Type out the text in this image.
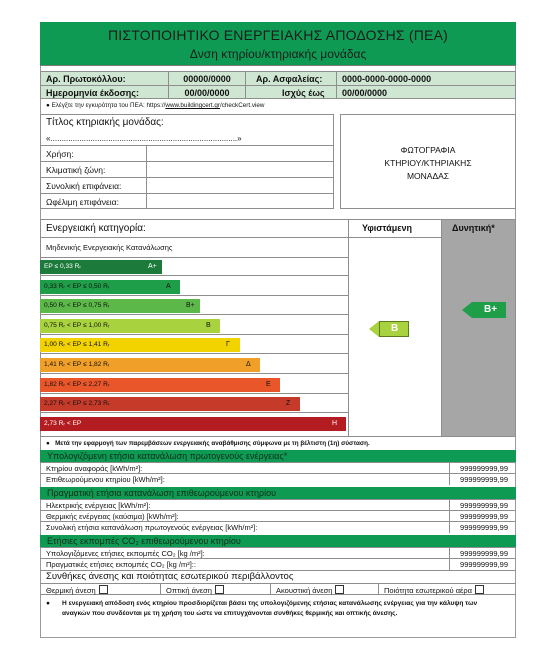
ΠΙΣΤΟΠΟΙΗΤΙΚΟ ΕΝΕΡΓΕΙΑΚΗΣ ΑΠΟΔΟΣΗΣ (ΠΕΑ)
Δνση κτηρίου/κτηριακής μονάδας
Αρ. Πρωτοκόλλου:	00000/0000	Αρ. Ασφαλείας: 0000-0000-0000-0000
Ημερομηνία έκδοσης:	00/00/0000	Ισχύς έως 00/00/0000
● Ελέγξτε την εγκυρότητα του ΠΕΑ: https://www.buildingcert.gr/checkCert.view
Τίτλος κτηριακής μονάδας:
«....................................................................................»
Χρήση:
Κλιματική ζώνη:
Συνολική επιφάνεια:
Ωφέλιμη επιφάνεια:
ΦΩΤΟΓΡΑΦΙΑ
ΚΤΗΡΙΟΥ/ΚΤΗΡΙΑΚΗΣ
ΜΟΝΑΔΑΣ
Ενεργειακή κατηγορία:	Υφιστάμενη	Δυνητική*
Μηδενικής Ενεργειακής Κατανάλωσης
EP ≤ 0,33 Rᵣ	A+
0,33 Rᵣ < EP ≤ 0,50 Rᵣ	A
0,50 Rᵣ < EP ≤ 0,75 Rᵣ	B+
0,75 Rᵣ < EP ≤ 1,00 Rᵣ	B
1,00 Rᵣ < EP ≤ 1,41 Rᵣ	Γ
1,41 Rᵣ < EP ≤ 1,82 Rᵣ	Δ
1,82 Rᵣ < EP ≤ 2,27 Rᵣ	Ε
2,27 Rᵣ < EP ≤ 2,73 Rᵣ	Ζ
2,73 Rᵣ < EP	Η
B
B+
●   Μετά την εφαρμογή των παρεμβάσεων ενεργειακής αναβάθμισης σύμφωνα με τη βέλτιστη (1η) σύσταση.
Υπολογιζόμενη ετήσια κατανάλωση πρωτογενούς ενέργειας*
Κτηρίου αναφοράς [kWh/m²]:	999999999,99
Επιθεωρούμενου κτηρίου [kWh/m²]:	999999999,99
Πραγματική ετήσια κατανάλωση επιθεωρούμενου κτηρίου
Ηλεκτρικής ενέργειας [kWh/m²]:	999999999,99
Θερμικής ενέργειας (καύσιμα) [kWh/m²]:	999999999,99
Συνολική ετήσια κατανάλωση πρωτογενούς ενέργειας [kWh/m²]:	999999999,99
Ετήσιες εκπομπές CO₂ επιθεωρούμενου κτηρίου
Υπολογιζόμενες ετήσιες εκπομπές CO₂ [kg /m²]:	999999999,99
Πραγματικές ετήσιες εκπομπές CO₂ [kg /m²]::	999999999,99
Συνθήκες άνεσης και ποιότητας εσωτερικού περιβάλλοντος
Θερμική άνεση	Οπτική άνεση	Ακουστική άνεση	Ποιότητα εσωτερικού αέρα
●	Η ενεργειακή απόδοση ενός κτηρίου προσδιορίζεται βάσει της υπολογιζόμενης ετήσιας κατανάλωσης ενέργειας για την κάλυψη των αναγκών που συνδέονται με τη χρήση του ώστε να επιτυγχάνονται συνθήκες θερμικής και οπτικής άνεσης.
